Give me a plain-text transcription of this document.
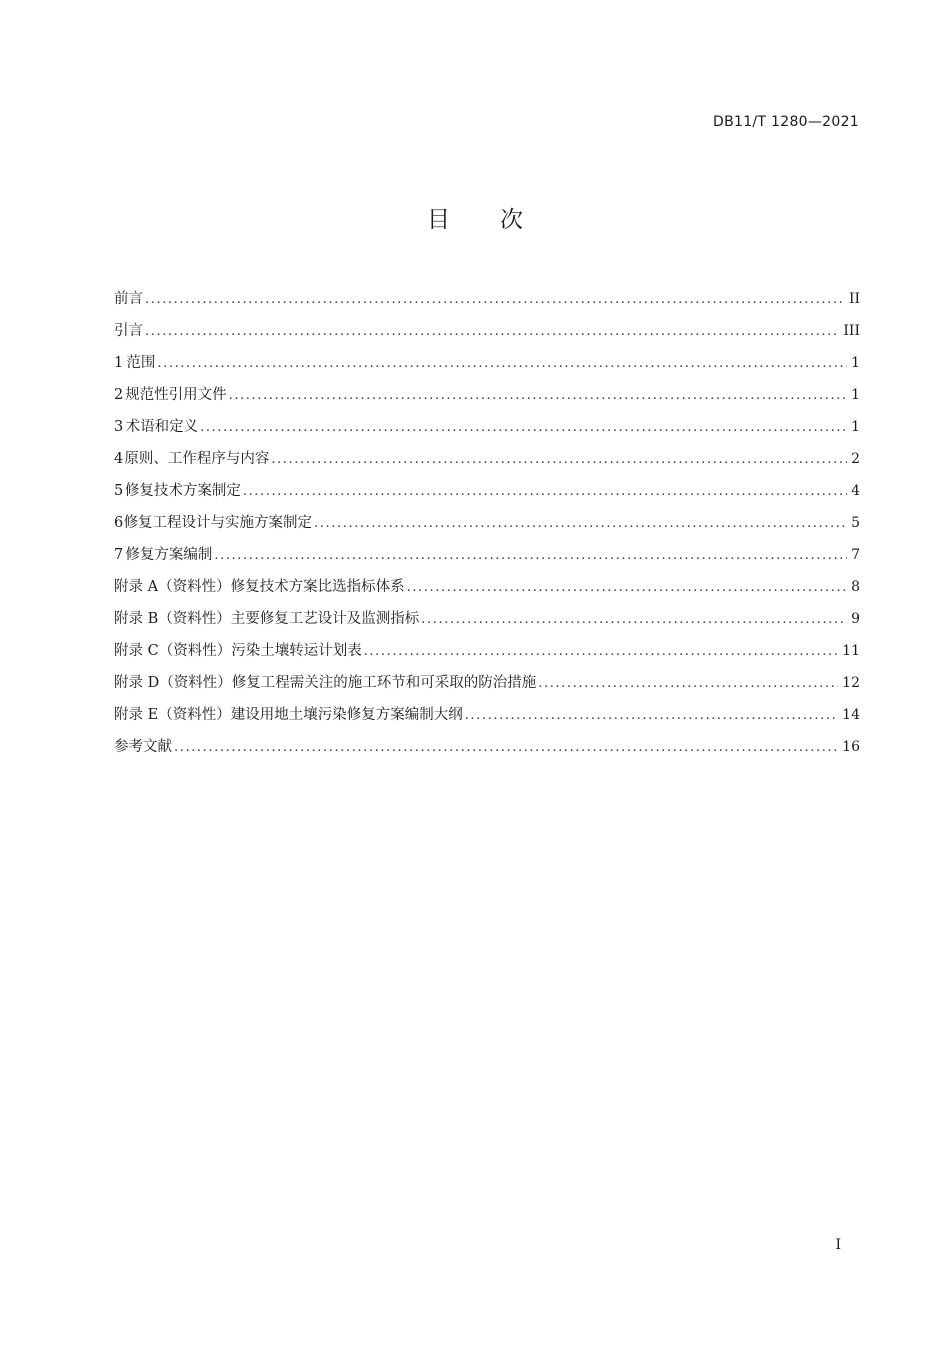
DB11/T 1280—2021
目 次
前言 .....	II
引言 .....	III
1 范围 .....	1
2 规范性引用文件 .....	1
3 术语和定义 .....	1
4 原则、工作程序与内容 .....	2
5 修复技术方案制定 .....	4
6 修复工程设计与实施方案制定 .....	5
7 修复方案编制 .....	7
附录 A（资料性） 修复技术方案比选指标体系 .....	8
附录 B（资料性） 主要修复工艺设计及监测指标 .....	9
附录 C（资料性） 污染土壤转运计划表 .....	11
附录 D（资料性） 修复工程需关注的施工环节和可采取的防治措施 .....	12
附录 E（资料性） 建设用地土壤污染修复方案编制大纲 .....	14
参考文献 .....	16
I
